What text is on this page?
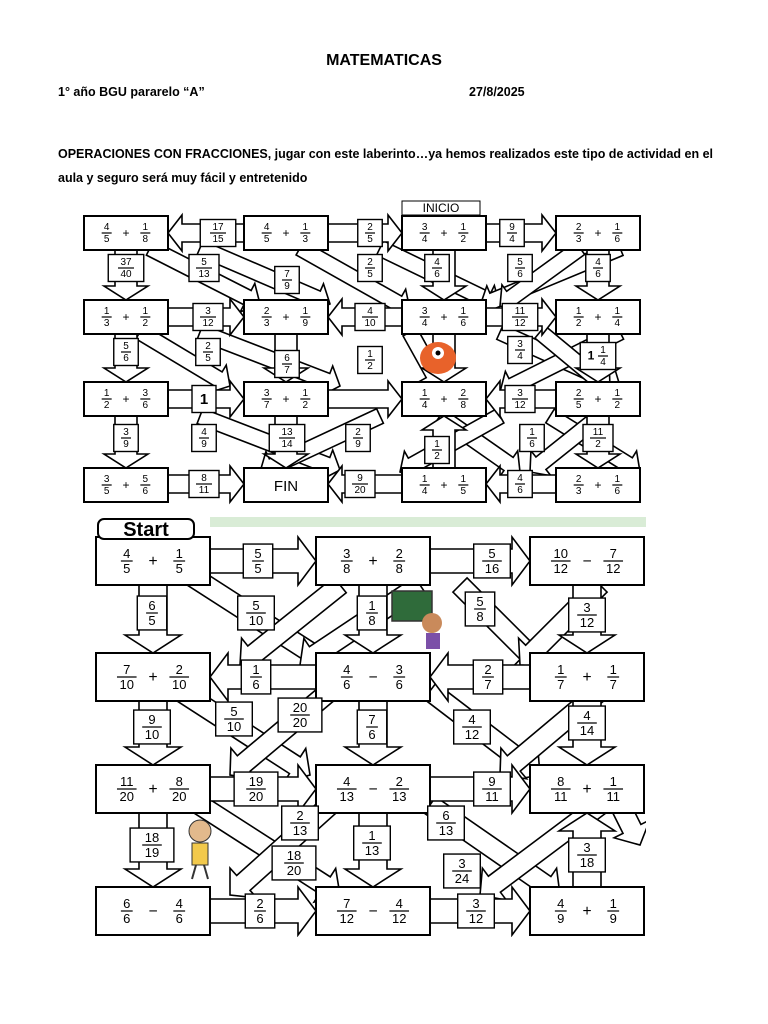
MATEMATICAS
1° año BGU pararelo “A”	27/8/2025
OPERACIONES CON FRACCIONES, jugar con este laberinto…ya hemos realizados este tipo de actividad en el aula y seguro será muy fácil y entretenido
4
5 + 1
8
4
5 + 1
3
3
4 + 1
2
2
3 + 1
6
1
3 + 1
2
2
3 + 1
9
3
4 + 1
6
1
2 + 1
4
1
2 + 3
6
3
7 + 1
2
1
4 + 2
8
2
5 + 1
2
3
5 + 5
6	FIN	1
4 + 1
5
2
3 + 1
6
INICIO
17
15
2
5
9
4
37
40
5
13	7
9
2
5
4
6
5
6
4
6
3
12
4
10
11
12
5
6
2
5	6
7
1
2
3
4	1 1
4
1	3
12
3
9
4
9
13
14
2
9	1
2
1
6
11
2
8
11
9
20
4
6
4
5 + 1
5
3
8 + 2
8
10
12 − 7
12
7
10 + 2
10
4
6 − 3
6
1
7 + 1
7
11
20 + 8
20
4
13 − 2
13
8
11 + 1
11
6
6 − 4
6
7
12 − 4
12
4
9 + 1
9
Start
5
5
5
16
6
5
5
10
1
8
5
8
3
12
1
6
2
7
9
10
5
10
20
20	7
6
4
12
4
14
19
20
2
13
9
11
18
19
1
13
6
13
3
18
18
20	3
24
2
6
3
12
